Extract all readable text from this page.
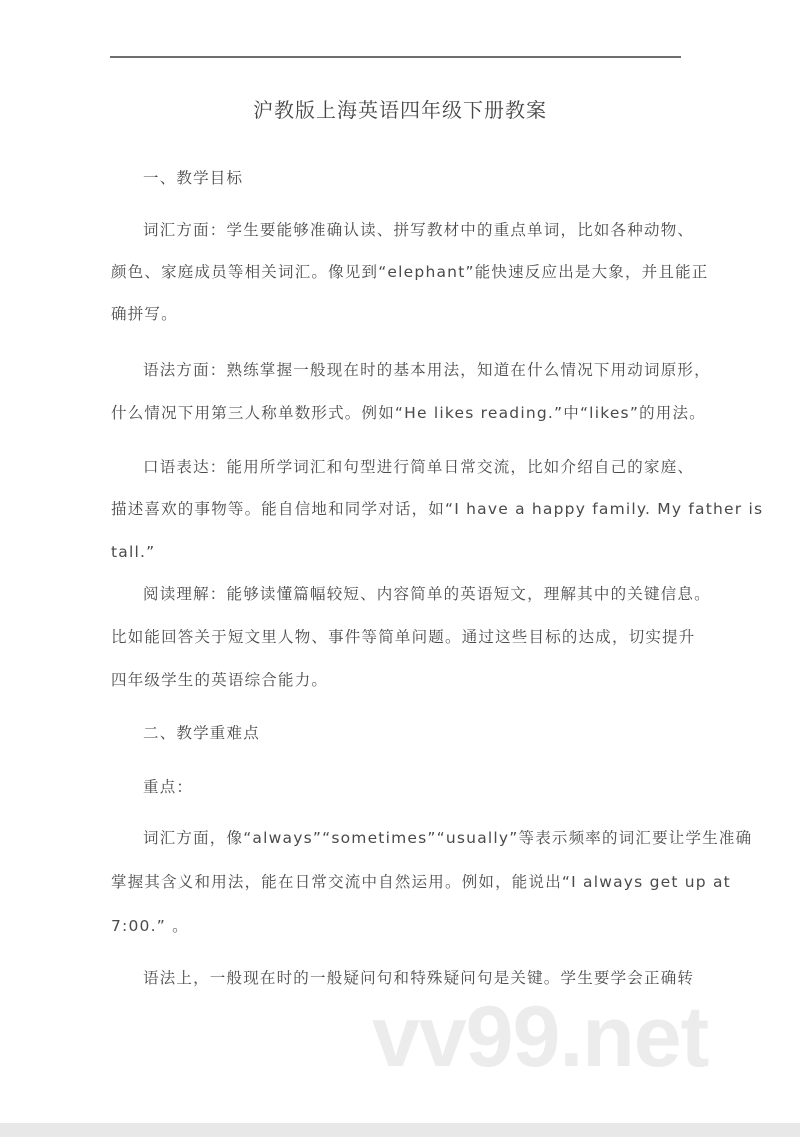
沪教版上海英语四年级下册教案
一、教学目标
词汇方面：学生要能够准确认读、拼写教材中的重点单词，比如各种动物、
颜色、家庭成员等相关词汇。像见到“elephant”能快速反应出是大象，并且能正
确拼写。
语法方面：熟练掌握一般现在时的基本用法，知道在什么情况下用动词原形，
什么情况下用第三人称单数形式。例如“He likes reading.”中“likes”的用法。
口语表达：能用所学词汇和句型进行简单日常交流，比如介绍自己的家庭、
描述喜欢的事物等。能自信地和同学对话，如“I have a happy family. My father is
tall.”
阅读理解：能够读懂篇幅较短、内容简单的英语短文，理解其中的关键信息。
比如能回答关于短文里人物、事件等简单问题。通过这些目标的达成，切实提升
四年级学生的英语综合能力。
二、教学重难点
重点：
词汇方面，像“always”“sometimes”“usually”等表示频率的词汇要让学生准确
掌握其含义和用法，能在日常交流中自然运用。例如，能说出“I always get up at
7:00.” 。
语法上，一般现在时的一般疑问句和特殊疑问句是关键。学生要学会正确转
vv99.net
